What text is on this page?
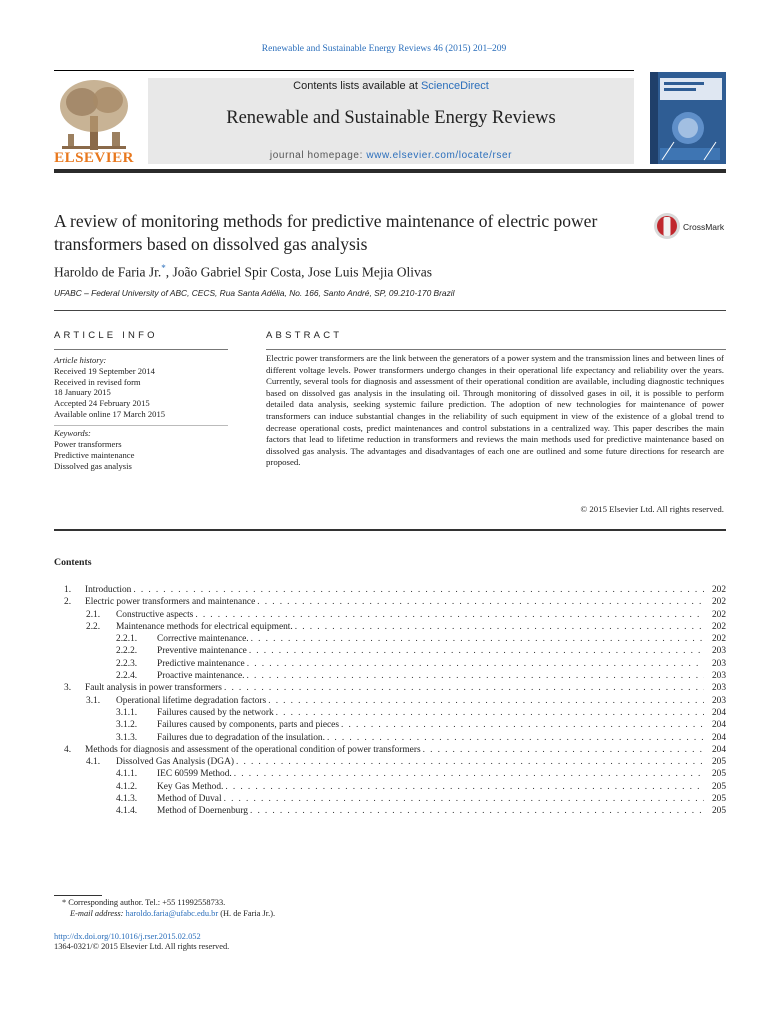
Renewable and Sustainable Energy Reviews 46 (2015) 201–209
ELSEVIER
Contents lists available at ScienceDirect
Renewable and Sustainable Energy Reviews
journal homepage: www.elsevier.com/locate/rser
A review of monitoring methods for predictive maintenance of electric power transformers based on dissolved gas analysis
CrossMark
Haroldo de Faria Jr.*, João Gabriel Spir Costa, Jose Luis Mejia Olivas
UFABC – Federal University of ABC, CECS, Rua Santa Adélia, No. 166, Santo André, SP, 09.210-170 Brazil
ARTICLE INFO	ABSTRACT
Article history:
Received 19 September 2014
Received in revised form
18 January 2015
Accepted 24 February 2015
Available online 17 March 2015
Keywords:
Power transformers
Predictive maintenance
Dissolved gas analysis
Electric power transformers are the link between the generators of a power system and the transmission lines and between lines of different voltage levels. Power transformers undergo changes in their operational life expectancy and reliability over the years. Currently, several tools for diagnosis and assessment of their operational condition are available, including diagnostic techniques based on dissolved gas analysis in the insulating oil. Through monitoring of dissolved gases in oil, it is possible to perform detailed data analysis, seeking systemic failure prediction. The adoption of new technologies for maintenance of power transformers can induce substantial changes in the reliability of such equipment in view of the existence of a global trend to decrease operational costs, predict maintenances and control substations in a centralized way. This paper describes the main factors that lead to lifetime reduction in transformers and reviews the main methods used for predictive maintenance based on dissolved gas analysis. The advantages and disadvantages of each one are outlined and some future directions for research are proposed.
© 2015 Elsevier Ltd. All rights reserved.
Contents
1.	Introduction . . .	202
2.	Electric power transformers and maintenance . . .	202
2.1.	Constructive aspects . . .	202
2.2.	Maintenance methods for electrical equipment. . . .	202
2.2.1.	Corrective maintenance. . . .	202
2.2.2.	Preventive maintenance . . .	203
2.2.3.	Predictive maintenance . . .	203
2.2.4.	Proactive maintenance. . . .	203
3.	Fault analysis in power transformers . . .	203
3.1.	Operational lifetime degradation factors . . .	203
3.1.1.	Failures caused by the network . . .	204
3.1.2.	Failures caused by components, parts and pieces . . .	204
3.1.3.	Failures due to degradation of the insulation. . . .	204
4.	Methods for diagnosis and assessment of the operational condition of power transformers . . .	204
4.1.	Dissolved Gas Analysis (DGA) . . .	205
4.1.1.	IEC 60599 Method. . . .	205
4.1.2.	Key Gas Method. . . .	205
4.1.3.	Method of Duval . . .	205
4.1.4.	Method of Doernenburg . . .	205
* Corresponding author. Tel.: +55 11992558733.
E-mail address: haroldo.faria@ufabc.edu.br (H. de Faria Jr.).
http://dx.doi.org/10.1016/j.rser.2015.02.052
1364-0321/© 2015 Elsevier Ltd. All rights reserved.
